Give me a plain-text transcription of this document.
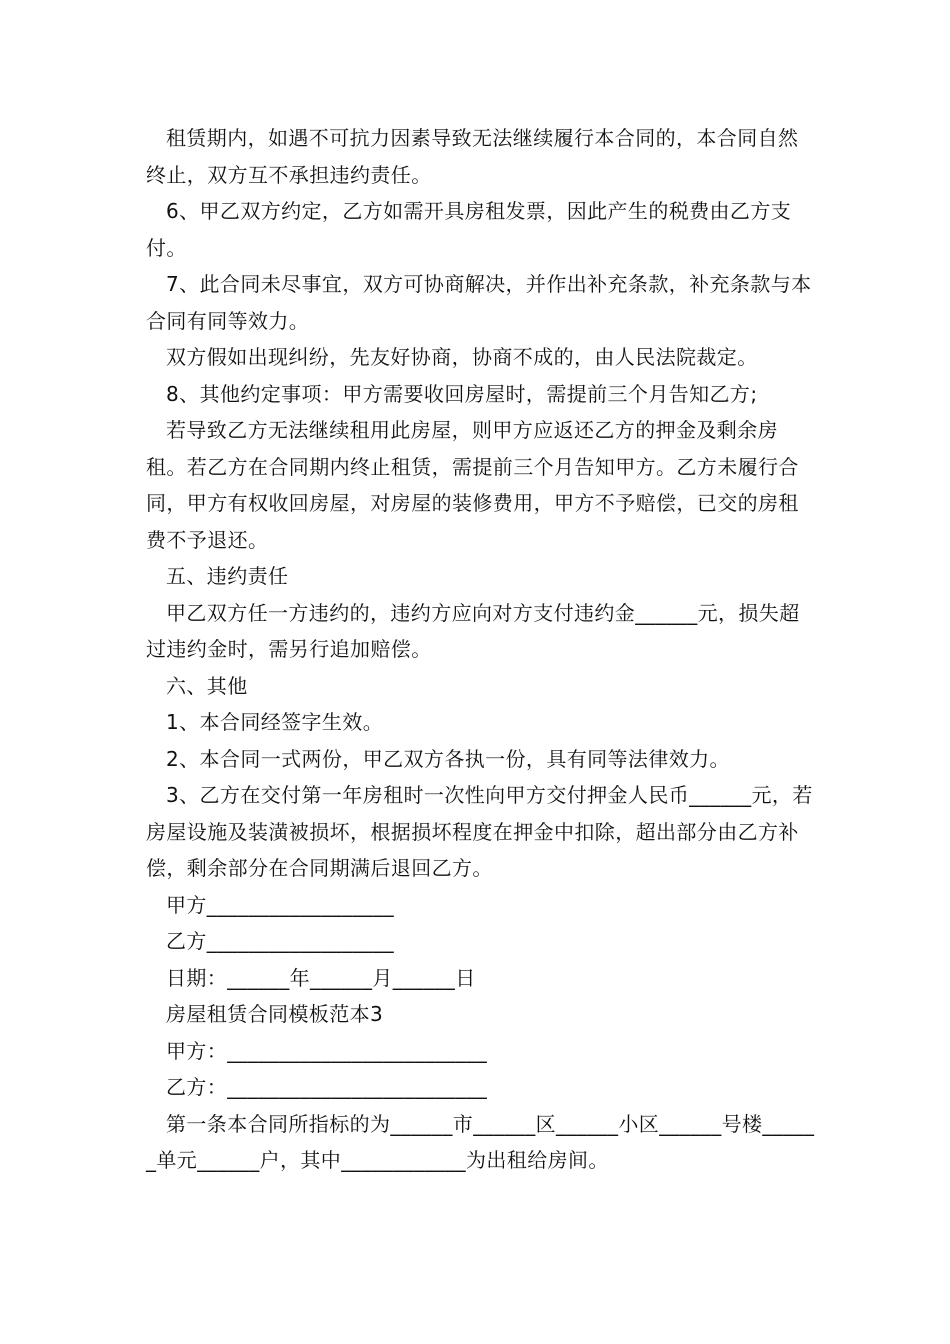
租赁期内，如遇不可抗力因素导致无法继续履行本合同的，本合同自然终止，双方互不承担违约责任。

6、甲乙双方约定，乙方如需开具房租发票，因此产生的税费由乙方支付。

7、此合同未尽事宜，双方可协商解决，并作出补充条款，补充条款与本合同有同等效力。

双方假如出现纠纷，先友好协商，协商不成的，由人民法院裁定。

8、其他约定事项：甲方需要收回房屋时，需提前三个月告知乙方;

若导致乙方无法继续租用此房屋，则甲方应返还乙方的押金及剩余房租。若乙方在合同期内终止租赁，需提前三个月告知甲方。乙方未履行合同，甲方有权收回房屋，对房屋的装修费用，甲方不予赔偿，已交的房租费不予退还。

五、违约责任

甲乙双方任一方违约的，违约方应向对方支付违约金______元，损失超过违约金时，需另行追加赔偿。

六、其他

1、本合同经签字生效。

2、本合同一式两份，甲乙双方各执一份，具有同等法律效力。

3、乙方在交付第一年房租时一次性向甲方交付押金人民币______元，若房屋设施及装潢被损坏，根据损坏程度在押金中扣除，超出部分由乙方补偿，剩余部分在合同期满后退回乙方。

甲方__________________

乙方__________________

日期：______年______月______日

房屋租赁合同模板范本3

甲方：_________________________

乙方：_________________________

第一条本合同所指标的为______市______区______小区______号楼______单元______户，其中____________为出租给房间。
